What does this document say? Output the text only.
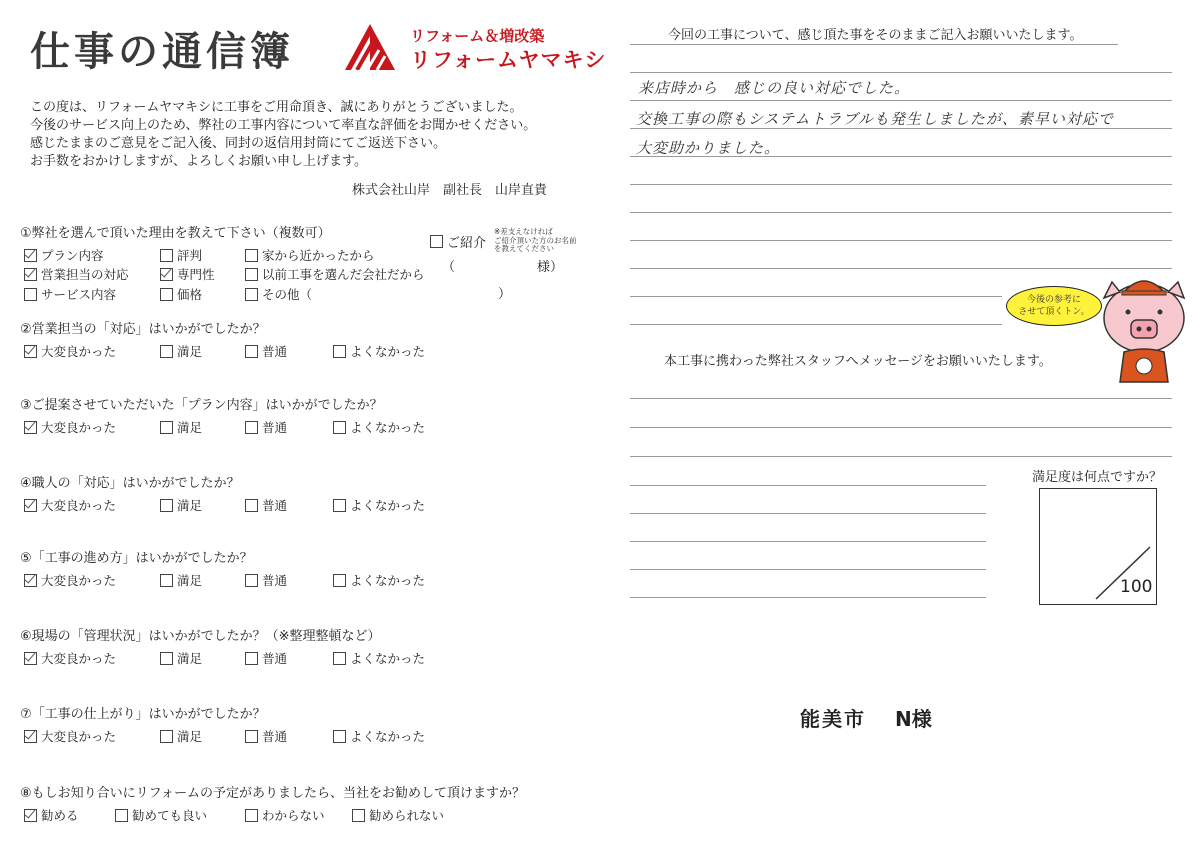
仕事の通信簿	リフォーム＆増改築
リフォームヤマキシ
この度は、リフォームヤマキシに工事をご用命頂き、誠にありがとうございました。
今後のサービス向上のため、弊社の工事内容について率直な評価をお聞かせください。
感じたままのご意見をご記入後、同封の返信用封筒にてご返送下さい。
お手数をおかけしますが、よろしくお願い申し上げます。
株式会社山岸　副社長　山岸直貴
①弊社を選んで頂いた理由を教えて下さい（複数可）
プラン内容	評判	家から近かったから
営業担当の対応	専門性	以前工事を選んだ会社だから
サービス内容	価格	その他（	）
ご紹介
※差支えなければ
ご紹介頂いた方のお名前
を教えてください
（	様）
②営業担当の「対応」はいかがでしたか？
大変良かった	満足	普通	よくなかった
③ご提案させていただいた「プラン内容」はいかがでしたか？
大変良かった	満足	普通	よくなかった
④職人の「対応」はいかがでしたか？
大変良かった	満足	普通	よくなかった
⑤「工事の進め方」はいかがでしたか？
大変良かった	満足	普通	よくなかった
⑥現場の「管理状況」はいかがでしたか？（※整理整頓など）
大変良かった	満足	普通	よくなかった
⑦「工事の仕上がり」はいかがでしたか？
大変良かった	満足	普通	よくなかった
⑧もしお知り合いにリフォームの予定がありましたら、当社をお勧めして頂けますか？
勧める	勧めても良い	わからない	勧められない
今回の工事について、感じ頂た事をそのままご記入お願いいたします。
来店時から　感じの良い対応でした。
交換工事の際もシステムトラブルも発生しましたが、素早い対応で
大変助かりました。
今後の参考に
させて頂くトン。
本工事に携わった弊社スタッフへメッセージをお願いいたします。
満足度は何点ですか？
100
能美市 N様
